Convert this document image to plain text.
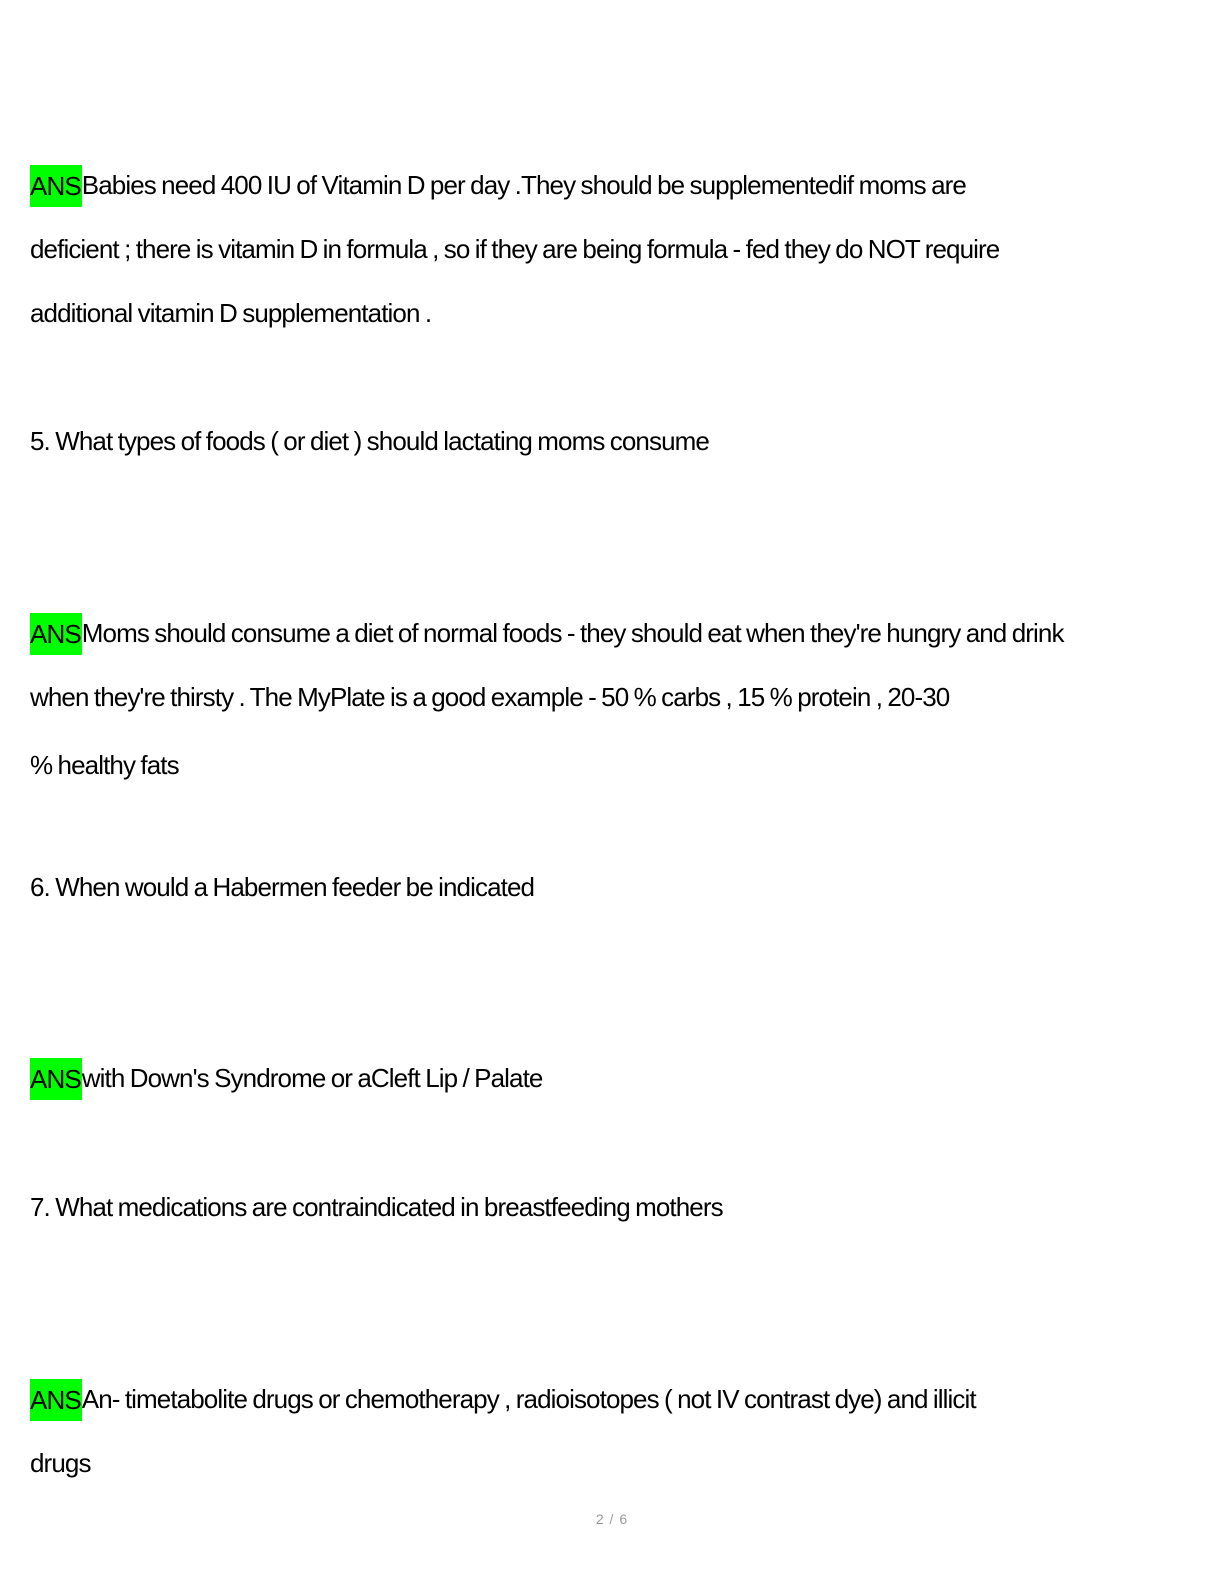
ANSBabies need 400 IU of Vitamin D per day .They should be supplementedif moms are
deficient ; there is vitamin D in formula , so if they are being formula - fed they do NOT require
additional vitamin D supplementation .
5. What types of foods ( or diet ) should lactating moms consume
ANSMoms should consume a diet of normal foods - they should eat when they're hungry and drink
when they're thirsty . The MyPlate is a good example - 50 % carbs , 15 % protein , 20-30
% healthy fats
6. When would a Habermen feeder be indicated
ANSwith Down's Syndrome or aCleft Lip / Palate
7. What medications are contraindicated in breastfeeding mothers
ANSAn- timetabolite drugs or chemotherapy , radioisotopes ( not IV contrast dye) and illicit
drugs
2 / 6
